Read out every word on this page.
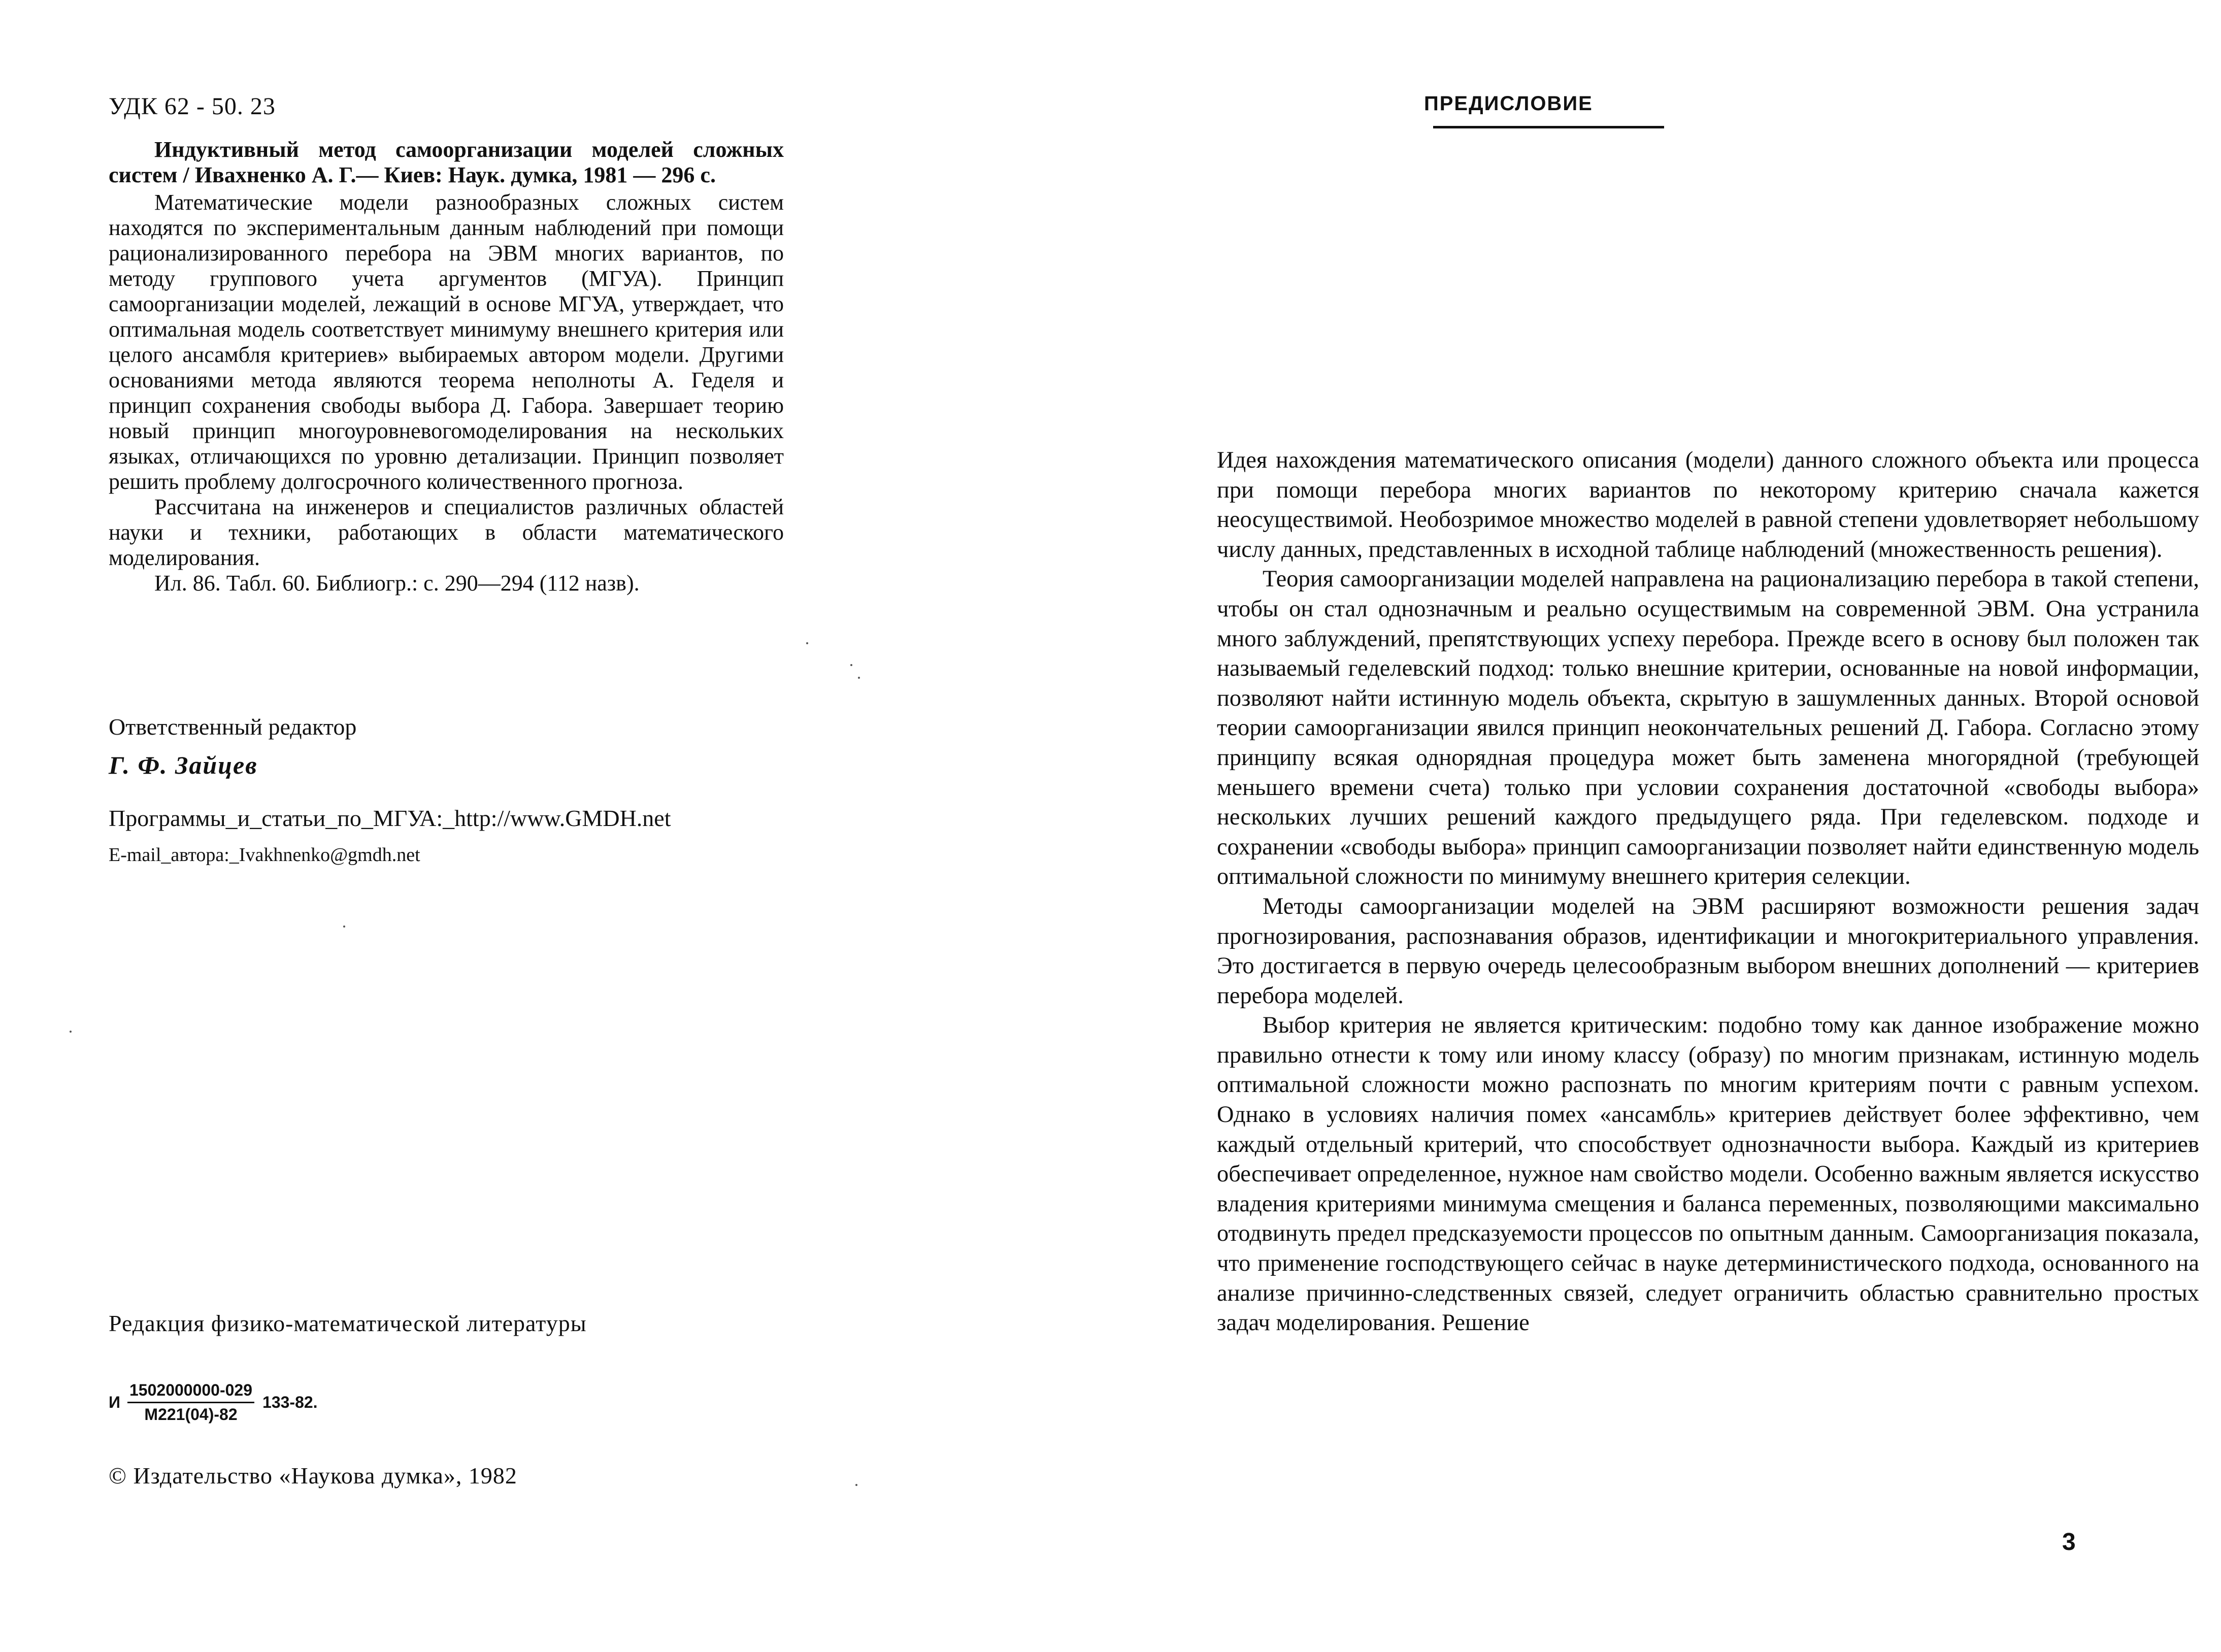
УДК 62 - 50. 23
Индуктивный метод самоорганизации моделей сложных систем / Ивахненко А. Г.— Киев: Наук. думка, 1981 — 296 с.

Математические модели разнообразных сложных систем находятся по экспериментальным данным наблюдений при помощи рационализированного перебора на ЭВМ многих вариантов, по методу группового учета аргументов (МГУА). Принцип самоорганизации моделей, лежащий в основе МГУА, утверждает, что оптимальная модель соответствует минимуму внешнего критерия или целого ансамбля критериев» выбираемых автором модели. Другими основаниями метода являются теорема неполноты А. Геделя и принцип сохранения свободы выбора Д. Габора. Завершает теорию новый принцип многоуровневогомоделирования на нескольких языках, отличающихся по уровню детализации. Принцип позволяет решить проблему долгосрочного количественного прогноза.

Рассчитана на инженеров и специалистов различных областей науки и техники, работающих в области математического моделирования.

Ил. 86. Табл. 60. Библиогр.: с. 290—294 (112 назв).

Ответственный редактор
Г. Ф. Зайцев
Программы_и_статьи_по_МГУА:_http://www.GMDH.net
E-mail_автора:_Ivakhnenko@gmdh.net
Редакция физико-математической литературы
И $\frac{1502000000-029}{M221(04)-82} 133-82$.
© Издательство «Наукова думка», 1982
ПРЕДИСЛОВИЕ

Идея нахождения математического описания (модели) данного сложного объекта или процесса при помощи перебора многих вариантов по некоторому критерию сначала кажется неосуществимой. Необозримое множество моделей в равной степени удовлетворяет небольшому числу данных, представленных в исходной таблице наблюдений (множественность решения).

Теория самоорганизации моделей направлена на рационализацию перебора в такой степени, чтобы он стал однозначным и реально осуществимым на современной ЭВМ. Она устранила много заблуждений, препятствующих успеху перебора. Прежде всего в основу был положен так называемый геделевский подход: только внешние критерии, основанные на новой информации, позволяют найти истинную модель объекта, скрытую в зашумленных данных. Второй основой теории самоорганизации явился принцип неокончательных решений Д. Габора. Согласно этому принципу всякая однорядная процедура может быть заменена многорядной (требующей меньшего времени счета) только при условии сохранения достаточной «свободы выбора» нескольких лучших решений каждого предыдущего ряда. При геделевском. подходе и сохранении «свободы выбора» принцип самоорганизации позволяет найти единственную модель оптимальной сложности по минимуму внешнего критерия селекции.

Методы самоорганизации моделей на ЭВМ расширяют возможности решения задач прогнозирования, распознавания образов, идентификации и многокритериального управления. Это достигается в первую очередь целесообразным выбором внешних дополнений — критериев перебора моделей.

Выбор критерия не является критическим: подобно тому как данное изображение можно правильно отнести к тому или иному классу (образу) по многим признакам, истинную модель оптимальной сложности можно распознать по многим критериям почти с равным успехом. Однако в условиях наличия помех «ансамбль» критериев действует более эффективно, чем каждый отдельный критерий, что способствует однозначности выбора. Каждый из критериев обеспечивает определенное, нужное нам свойство модели. Особенно важным является искусство владения критериями минимума смещения и баланса переменных, позволяющими максимально отодвинуть предел предсказуемости процессов по опытным данным. Самоорганизация показала, что применение господствующего сейчас в науке детерминистического подхода, основанного на анализе причинно-следственных связей, следует ограничить областью сравнительно простых задач моделирования. Решение

3
